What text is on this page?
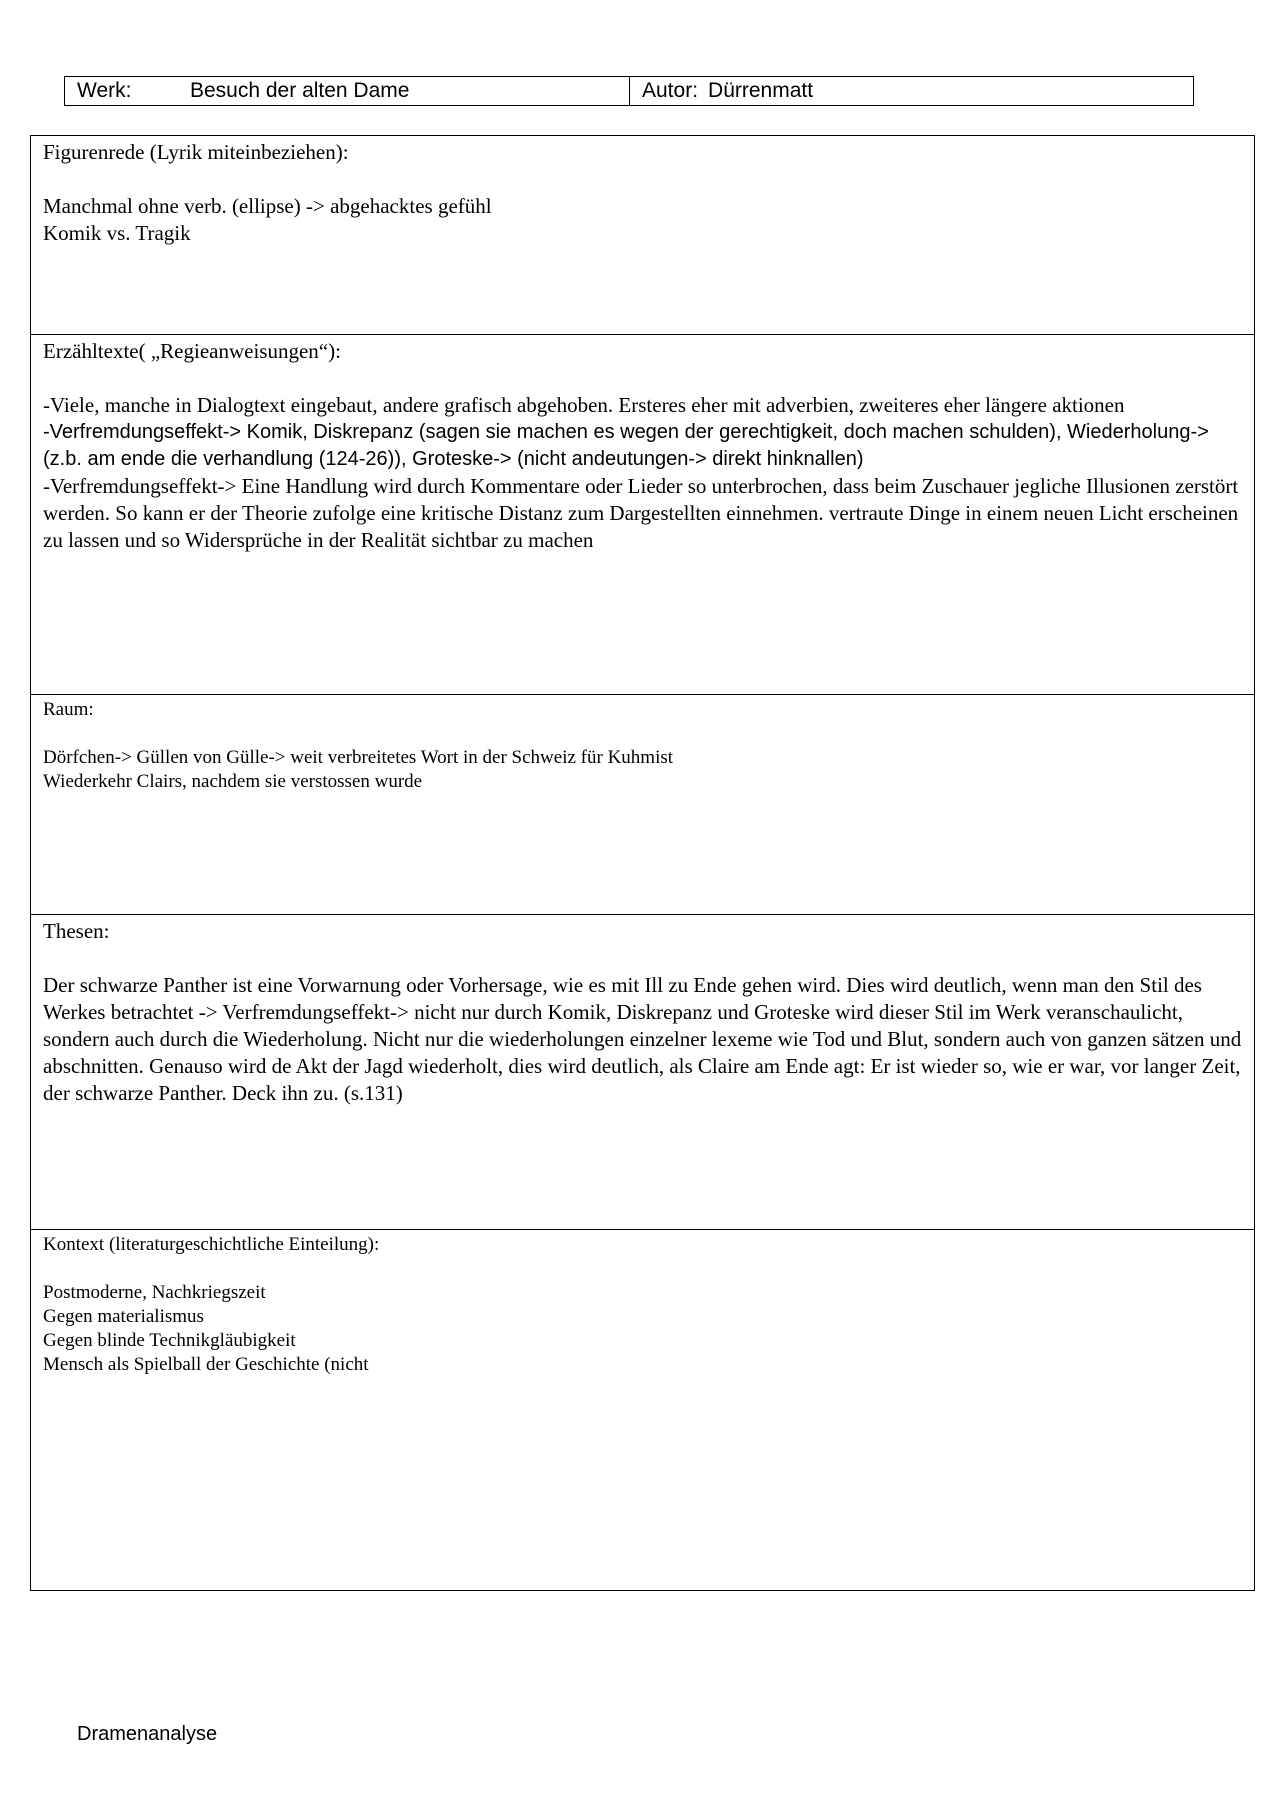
Werk:	Besuch der alten Dame	Autor: Dürrenmatt

Figurenrede (Lyrik miteinbeziehen):

Manchmal ohne verb. (ellipse) -> abgehacktes gefühl

Komik vs. Tragik

Erzähltexte( „Regieanweisungen“):

-Viele, manche in Dialogtext eingebaut, andere grafisch abgehoben. Ersteres eher mit adverbien, zweiteres eher längere aktionen

-Verfremdungseffekt-> Komik, Diskrepanz (sagen sie machen es wegen der gerechtigkeit, doch machen schulden), Wiederholung-> (z.b. am ende die verhandlung (124-26)), Groteske-> (nicht andeutungen-> direkt hinknallen)

-Verfremdungseffekt-> Eine Handlung wird durch Kommentare oder Lieder so unterbrochen, dass beim Zuschauer jegliche Illusionen zerstört werden. So kann er der Theorie zufolge eine kritische Distanz zum Dargestellten einnehmen. vertraute Dinge in einem neuen Licht erscheinen zu lassen und so Widersprüche in der Realität sichtbar zu machen

Raum:

Dörfchen-> Güllen von Gülle-> weit verbreitetes Wort in der Schweiz für Kuhmist

Wiederkehr Clairs, nachdem sie verstossen wurde

Thesen:

Der schwarze Panther ist eine Vorwarnung oder Vorhersage, wie es mit Ill zu Ende gehen wird. Dies wird deutlich, wenn man den Stil des Werkes betrachtet -> Verfremdungseffekt-> nicht nur durch Komik, Diskrepanz und Groteske wird dieser Stil im Werk veranschaulicht, sondern auch durch die Wiederholung. Nicht nur die wiederholungen einzelner lexeme wie Tod und Blut, sondern auch von ganzen sätzen und abschnitten. Genauso wird de Akt der Jagd wiederholt, dies wird deutlich, als Claire am Ende agt: Er ist wieder so, wie er war, vor langer Zeit, der schwarze Panther. Deck ihn zu. (s.131)

Kontext (literaturgeschichtliche Einteilung):

Postmoderne, Nachkriegszeit

Gegen materialismus

Gegen blinde Technikgläubigkeit

Mensch als Spielball der Geschichte (nicht

Dramenanalyse
